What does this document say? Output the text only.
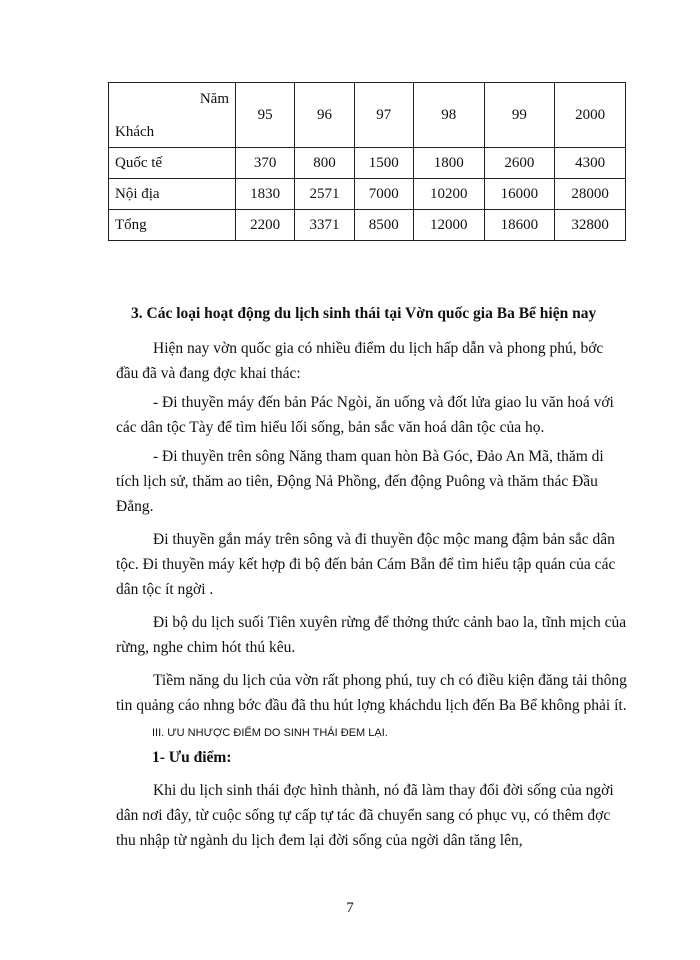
Năm
Khách	95	96	97	98	99	2000
Quốc tế	370	800	1500	1800	2600	4300
Nội địa	1830	2571	7000	10200	16000	28000
Tổng	2200	3371	8500	12000	18600	32800
3. Các loại hoạt động du lịch sinh thái tại Vờn quốc gia Ba Bể hiện nay

Hiện nay vờn quốc gia có nhiều điểm du lịch hấp dẫn và phong phú, bớc đầu đã và đang đợc khai thác:

- Đi thuyền máy đến bản Pác Ngòi, ăn uống và đốt lửa giao lu văn hoá với các dân tộc Tày để tìm hiểu lối sống, bản sắc văn hoá dân tộc của họ.

- Đi thuyền trên sông Năng tham quan hòn Bà Góc, Đảo An Mã, thăm di tích lịch sử, thăm ao tiên, Động Nả Phồng, đến động Puông và thăm thác Đầu Đẳng.

Đi thuyền gắn máy trên sông và đi thuyền độc mộc mang đậm bản sắc dân tộc. Đi thuyền máy kết hợp đi bộ đến bản Cám Bẵn để tìm hiểu tập quán của các dân tộc ít ngời .

Đi bộ du lịch suối Tiên xuyên rừng để thởng thức cảnh bao la, tĩnh mịch của rừng, nghe chim hót thú kêu.

Tiềm năng du lịch của vờn rất phong phú, tuy ch có điều kiện đăng tải thông tin quảng cáo nhng bớc đầu đã thu hút lợng kháchdu lịch đến Ba Bể không phải ít.

III. ƯU NHƯỢC ĐIỂM DO SINH THÁI ĐEM LẠI.
1- Ưu điểm:

Khi du lịch sinh thái đợc hình thành, nó đã làm thay đổi đời sống của ngời dân nơi đây, từ cuộc sống tự cấp tự tác đã chuyển sang có phục vụ, có thêm đợc thu nhập từ ngành du lịch đem lại đời sống của ngời dân tăng lên,

7
